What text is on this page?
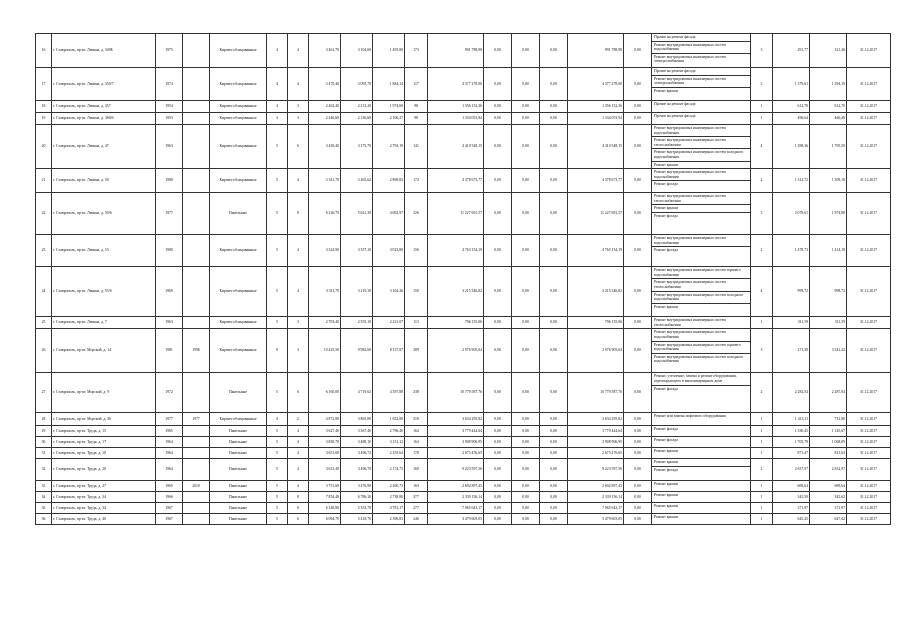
16	г. Ставрополь, пр-кт. Ленина, д. 349Б	1975		Кирпич-облицованные	4	4	3 461,70	3 104,60	1 495,80	173	991 788,98	0,00	0,00	0,00	991 788,98	0,00	Прочие на ремонт фасада
Ремонт внутридомовых инженерных систем водоснабжения
Ремонт внутридомовых инженерных систем электроснабжения	3	291,77	321,46	31.12.2017
17	г. Ставрополь, пр-кт. Ленина, д. 350/7	1974		Кирпич-облицованные	4	4	3 470,40	3 095,70	1 884,14	117	4 377 278,00	0,00	0,00	0,00	4 377 278,00	0,00	Прочие на ремонт фасада
Ремонт внутридомовых инженерных систем электроснабжения
Ремонт крыши	3	1 379,61	1 394,19	31.12.2017
18	г. Ставрополь, пр-кт. Ленина, д. 357	1954		Кирпич-облицованные	4	3	2 462,40	2 213,20	1 974,60	98	1 356 152,36	0,00	0,00	0,00	1 356 152,36	0,00	Прочие на ремонт фасада	1	612,70	612,70	31.12.2017
19	г. Ставрополь, пр-кт. Ленина, д. 360/6	1953		Кирпич-облицованные	4	3	2 446,60	2 136,60	2 106,27	98	1 334 053,94	0,00	0,00	0,00	1 334 053,94	0,00	Прочие на ремонт фасада	1	496,64	466,48	31.12.2017
20	г. Ставрополь, пр-кт. Ленина, д. 47	1963		Кирпич-облицованные	5	6	3 430,40	3 175,70	2 793,19	141	4 410 548,15	0,00	0,00	0,00	4 410 548,15	0,00	Ремонт внутридомовых инженерных систем водоснабжения
Ремонт внутридомовых инженерных систем теплоснабжения
Ремонт внутридомовых инженерных систем холодного водоснабжения
Ремонт крыши	4	1 398,36	1 795,58	31.12.2017
21	г. Ставрополь, пр-кт. Ленина, д. 50	1980		Кирпич-облицованные	5	4	3 341,70	3 265,62	2 869,83	172	4 378 673,77	0,00	0,00	0,00	4 378 673,77	0,00	Ремонт внутридомовых инженерных систем водоснабжения
Ремонт фасада	2	1 312,72	1 309,18	31.12.2017
22	г. Ставрополь, пр-кт. Ленина, д. 50/6	1977		Панельные	5	8	6 226,79	5 621,30	4 692,97	326	11 227 691,57	0,00	0,00	0,00	11 227 691,57	0,00	Ремонт внутридомовых инженерных систем теплоснабжения
Ремонт крыши
Ремонт фасада	3	2 078,61	1 974,88	31.12.2017
23	г. Ставрополь, пр-кт. Ленина, д. 53	1980		Кирпич-облицованные	5	4	3 324,90	3 357,10	3 023,80	156	4 763 154,19	0,00	0,00	0,00	4 763 154,19	0,00	Ремонт внутридомовых инженерных систем водоснабжения
Ремонт фасада	2	1 478,73	1 414,18	31.12.2017
24	г. Ставрополь, пр-кт. Ленина, д. 55/6	1969		Кирпич-облицованные	5	4	3 311,70	3 219,10	3 104,26	150	3 215 346,82	0,00	0,00	0,00	3 215 346,82	0,00	Ремонт внутридомовых инженерных систем горячего водоснабжения
Ремонт внутридомовых инженерных систем теплоснабжения
Ремонт внутридомовых инженерных систем холодного водоснабжения
Ремонт крыши	4	999,72	998,72	31.12.2017
25	г. Ставрополь, пр-кт. Ленина, д. 7	1963		Кирпич-облицованные	5	3	2 703,40	2 555,10	2 221,07	113	796 155,06	0,00	0,00	0,00	796 155,06	0,00	Ремонт внутридомовых инженерных систем теплоснабжения	1	311,59	311,59	31.12.2017
26	г. Ставрополь, пр-кт. Морской, д. 14	1981	1996	Кирпич-облицованные	9	3	10 425,50	9 982,60	8 137,87	389	2 976 905,04	0,00	0,00	0,00	2 976 905,04	0,00	Ремонт внутридомовых инженерных систем водоснабжения
Ремонт внутридомовых инженерных систем горячего водоснабжения
Ремонт внутридомовых инженерных систем холодного водоснабжения	3	271,38	3 541,42	31.12.2017
27	г. Ставрополь, пр-кт. Морской, д. 9	1972		Панельные	5	6	6 160,00	4 719,62	4 397,88	238	10 779 587,76	0,00	0,00	0,00	10 779 587,76	0,00	Ремонт, утепление, замена и ремонт оборудования, отреагирующего в многоквартирном доме
Ремонт фасада	2	2 282,54	2 287,04	31.12.2017
28	г. Ставрополь, пр-кт. Морской, д. 36	1977	1977	Кирпич-облицованные	4	2	4 872,88	3 865,00	1 652,88	318	3 634 295,82	0,00	0,00	0,00	3 634 295,82	0,00	Ремонт или замена лифтового оборудования	1	1 413,11	731,80	31.12.2017
29	г. Ставрополь, пр-кт. Труда, д. 15	1965		Панельные	5	4	3 627,40	3 367,40	2 796,40	164	3 779 444,64	0,00	0,00	0,00	3 779 444,64	0,00	Ремонт фасада	1	1 330,45	1 145,67	31.12.2017
30	г. Ставрополь, пр-кт. Труда, д. 17	1964		Панельные	5	4	3 830,78	3 488,10	3 151,12	164	3 908 906,95	0,00	0,00	0,00	3 908 906,95	0,00	Ремонт фасада	1	1 705,79	1 068,09	31.12.2017
31	г. Ставрополь, пр-кт. Труда, д. 18	1964		Панельные	5	4	3 651,68	3 496,72	2 255,64	178	2 675 476,65	0,00	0,00	0,00	2 675 476,65	0,00	Ремонт крыши	1	871,47	821,63	31.12.2017
32	г. Ставрополь, пр-кт. Труда, д. 20	1964		Панельные	5	4	3 631,48	3 496,70	2 174,75	160	9 223 597,56	0,00	0,00	0,00	9 223 597,56	0,00	Ремонт крыши
Ремонт фасада	2	2 637,97	2 632,97	31.12.2017
33	г. Ставрополь, пр-кт. Труда, д. 27	1965	2010	Панельные	5	4	3 751,68	3 476,90	2 260,73	163	2 692 897,45	0,00	0,00	0,00	2 692 897,45	0,00	Ремонт крыши	1	669,64	689,64	31.12.2017
34	г. Ставрополь, пр-кт. Труда, д. 34	1966		Панельные	5	8	7 854,48	6 786,10	2 738,80	377	2 339 156,14	0,00	0,00	0,00	2 339 156,14	0,00	Ремонт крыши	1	345,50	345,62	31.12.2017
35	г. Ставрополь, пр-кт. Труда, д. 34	1967		Панельные	5	8	6 148,80	5 353,70	4 781,17	277	7 065 643,17	0,00	0,00	0,00	7 065 643,17	0,00	Ремонт крыши	1	371,97	371,97	31.12.2017
36	г. Ставрополь, пр-кт. Труда, д. 40	1967		Панельные	5	6	6 094,79	5 418,70	2 396,83	246	3 479 603,05	0,00	0,00	0,00	3 479 603,05	0,00	Ремонт крыши	1	645,45	647,42	31.12.2017
